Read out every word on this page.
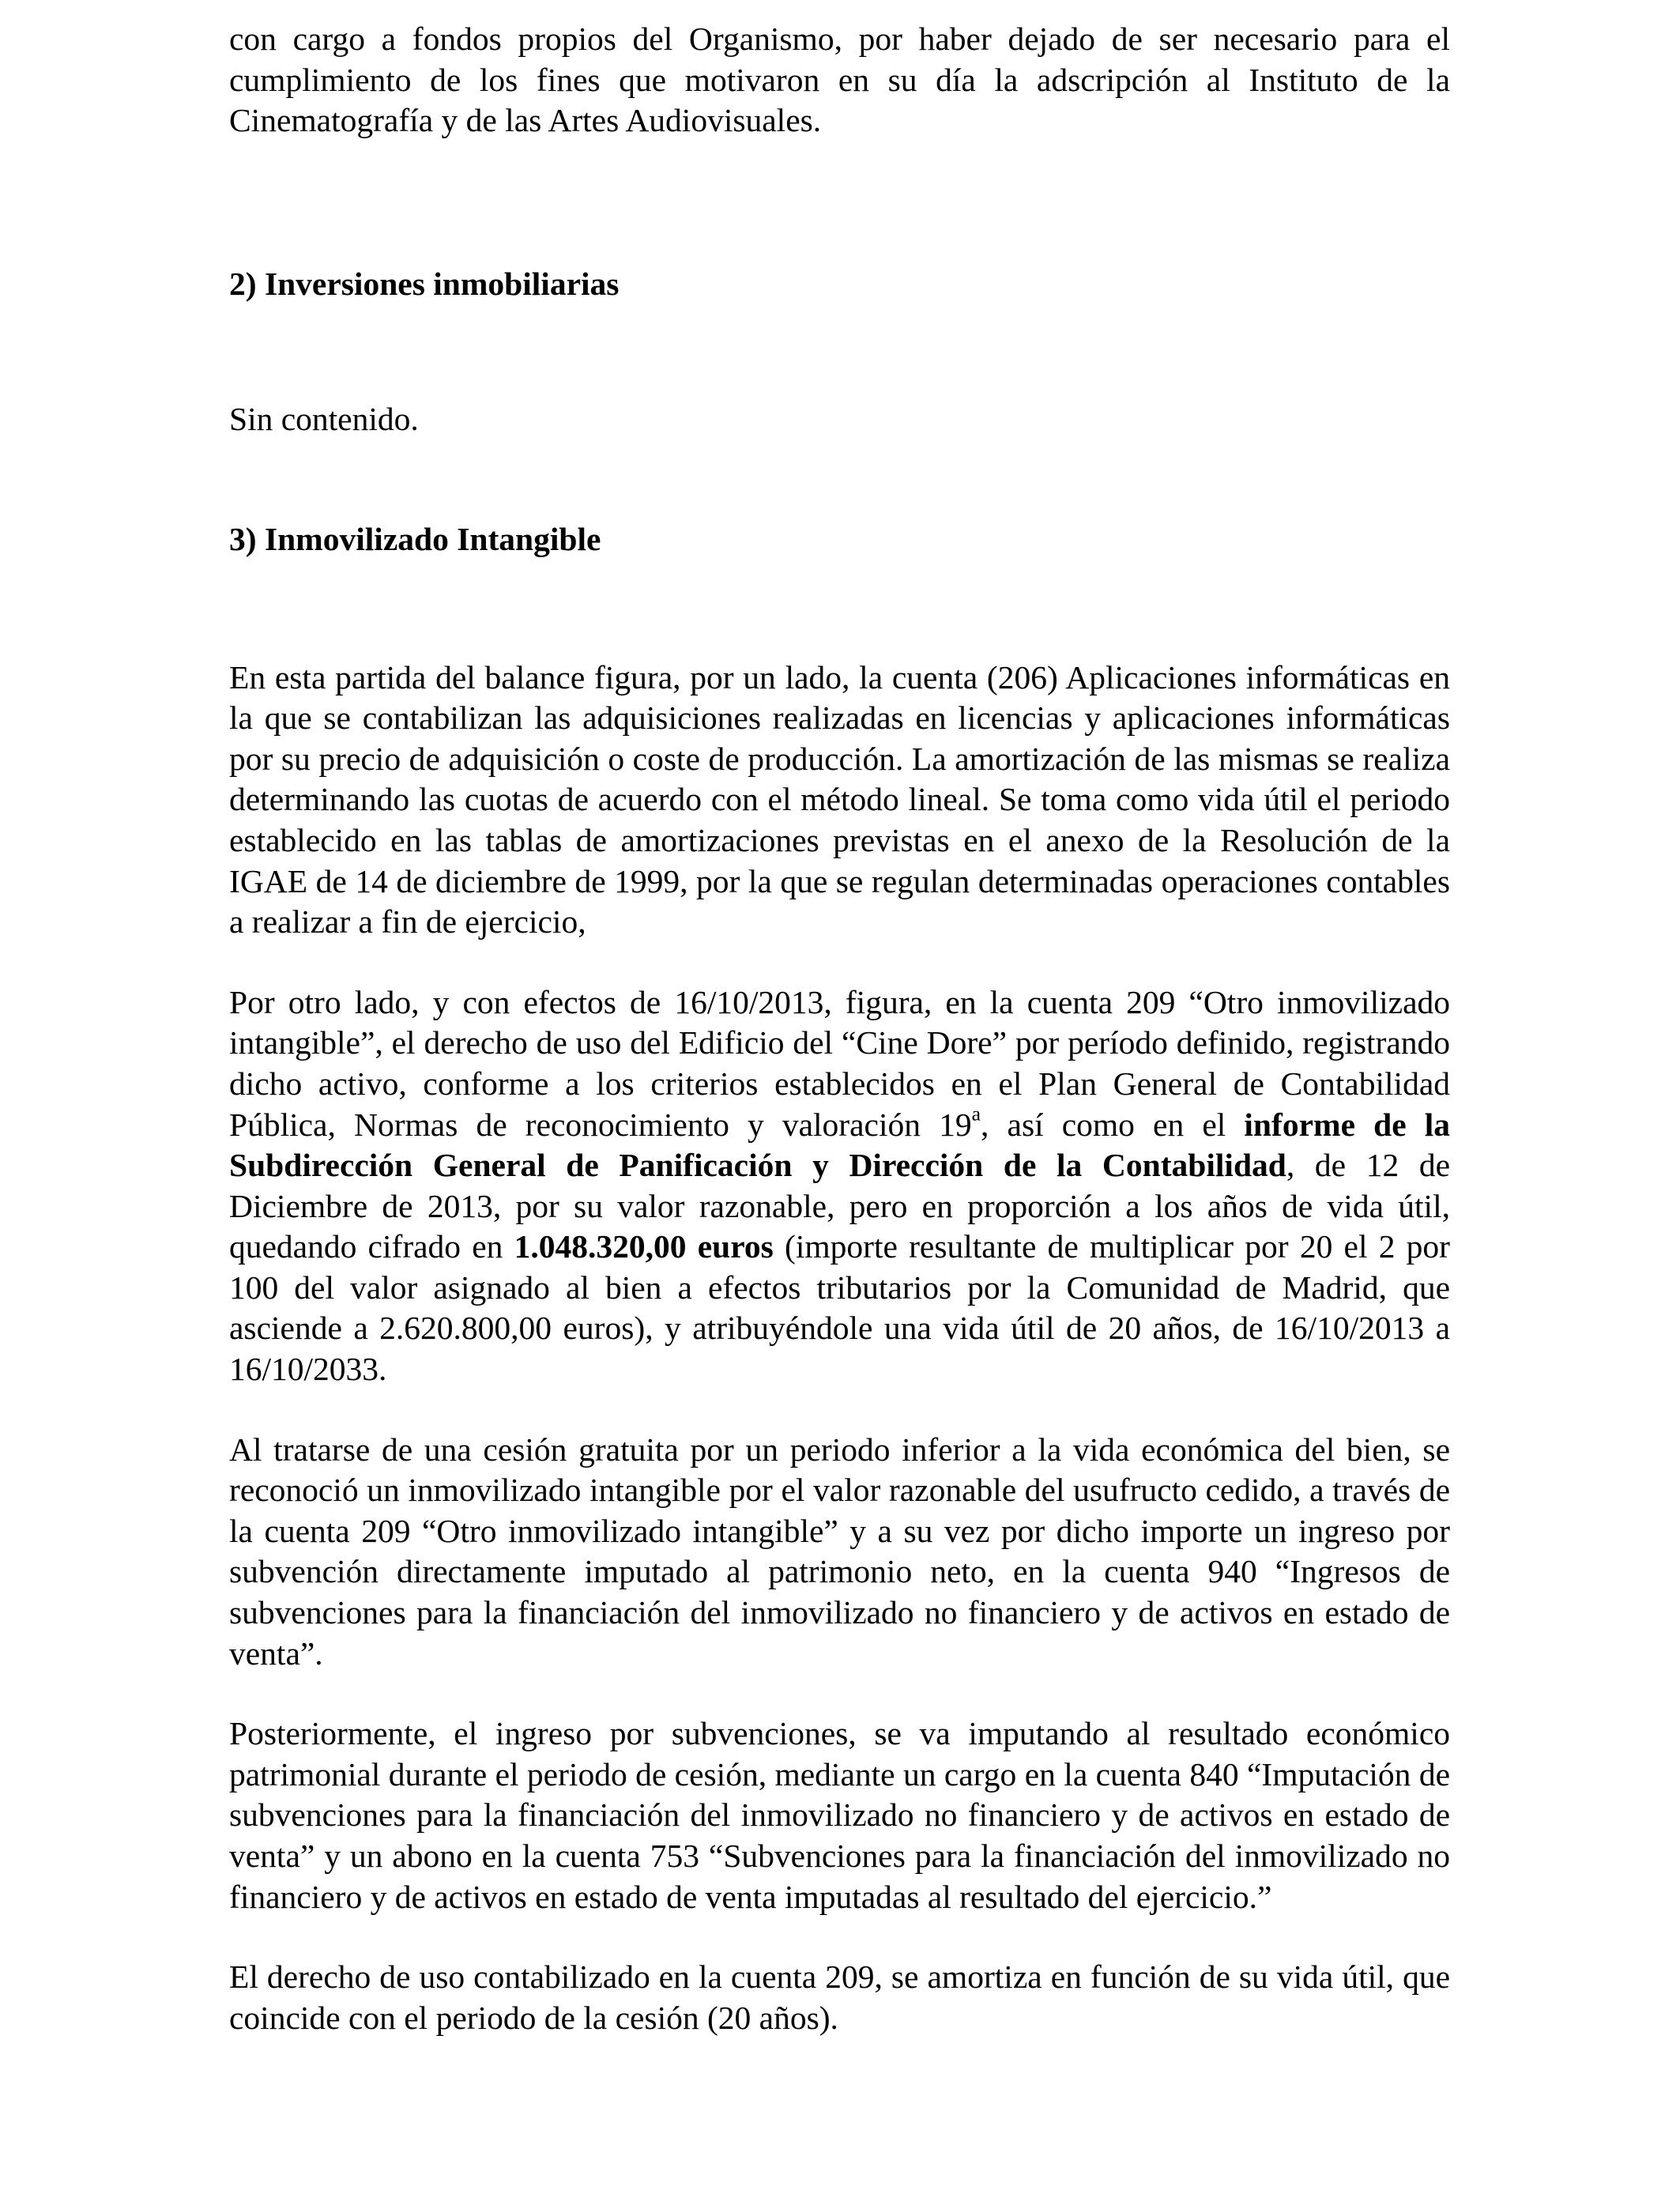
con cargo a fondos propios del Organismo, por haber dejado de ser necesario para el cumplimiento de los fines que motivaron en su día la adscripción al Instituto de la Cinematografía y de las Artes Audiovisuales.

2) Inversiones inmobiliarias

Sin contenido.

3) Inmovilizado Intangible

En esta partida del balance figura, por un lado, la cuenta (206) Aplicaciones informáticas en la que se contabilizan las adquisiciones realizadas en licencias y aplicaciones informáticas por su precio de adquisición o coste de producción. La amortización de las mismas se realiza determinando las cuotas de acuerdo con el método lineal. Se toma como vida útil el periodo establecido en las tablas de amortizaciones previstas en el anexo de la Resolución de la IGAE de 14 de diciembre de 1999, por la que se regulan determinadas operaciones contables a realizar a fin de ejercicio,

Por otro lado, y con efectos de 16/10/2013, figura, en la cuenta 209 “Otro inmovilizado intangible”, el derecho de uso del Edificio del “Cine Dore” por período definido, registrando dicho activo, conforme a los criterios establecidos en el Plan General de Contabilidad Pública, Normas de reconocimiento y valoración 19$^a$, así como en el informe de la Subdirección General de Panificación y Dirección de la Contabilidad, de 12 de Diciembre de 2013, por su valor razonable, pero en proporción a los años de vida útil, quedando cifrado en 1.048.320,00 euros (importe resultante de multiplicar por 20 el 2 por 100 del valor asignado al bien a efectos tributarios por la Comunidad de Madrid, que asciende a 2.620.800,00 euros), y atribuyéndole una vida útil de 20 años, de 16/10/2013 a 16/10/2033.

Al tratarse de una cesión gratuita por un periodo inferior a la vida económica del bien, se reconoció un inmovilizado intangible por el valor razonable del usufructo cedido, a través de la cuenta 209 “Otro inmovilizado intangible” y a su vez por dicho importe un ingreso por subvención directamente imputado al patrimonio neto, en la cuenta 940 “Ingresos de subvenciones para la financiación del inmovilizado no financiero y de activos en estado de venta”.

Posteriormente, el ingreso por subvenciones, se va imputando al resultado económico patrimonial durante el periodo de cesión, mediante un cargo en la cuenta 840 “Imputación de subvenciones para la financiación del inmovilizado no financiero y de activos en estado de venta” y un abono en la cuenta 753 “Subvenciones para la financiación del inmovilizado no financiero y de activos en estado de venta imputadas al resultado del ejercicio.”

El derecho de uso contabilizado en la cuenta 209, se amortiza en función de su vida útil, que coincide con el periodo de la cesión (20 años).
